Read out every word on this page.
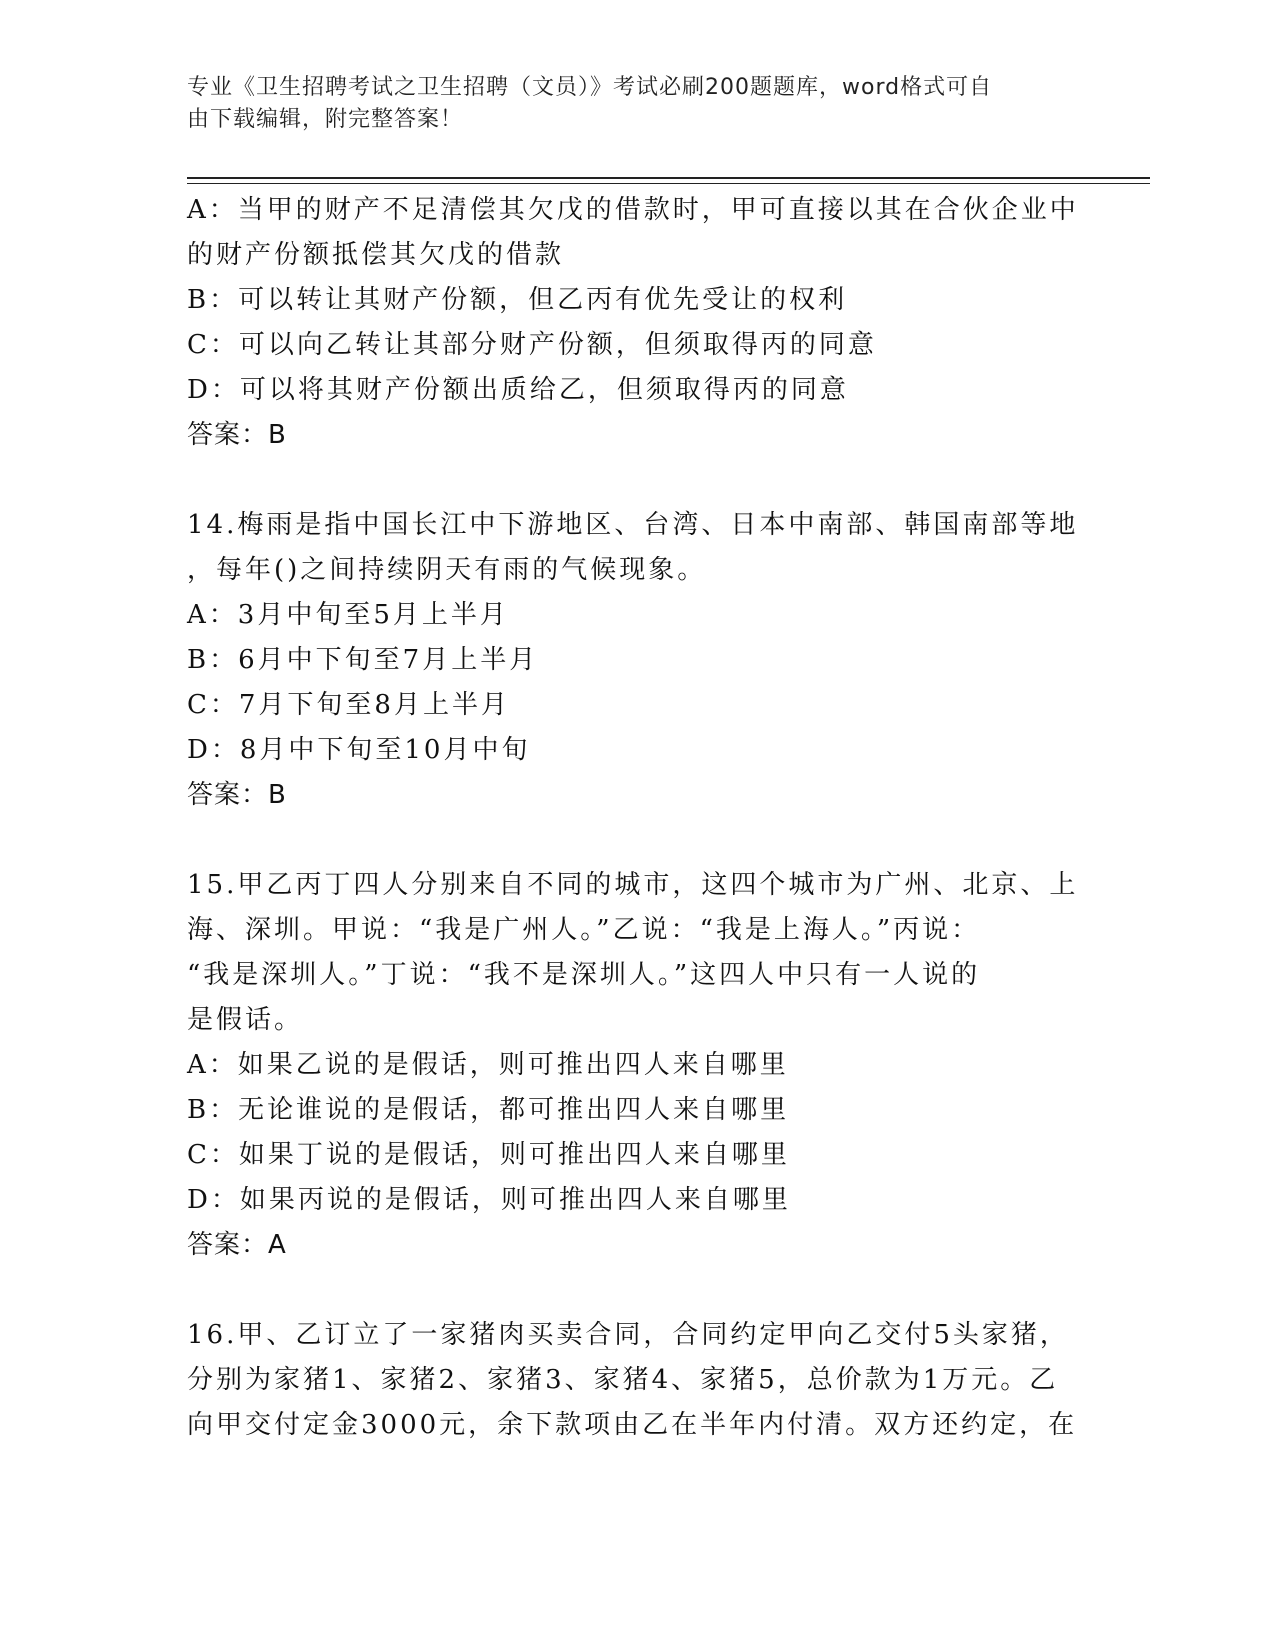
专业《卫生招聘考试之卫生招聘（文员）》考试必刷200题题库，word格式可自
由下载编辑，附完整答案！
A：当甲的财产不足清偿其欠戊的借款时，甲可直接以其在合伙企业中
的财产份额抵偿其欠戊的借款
B：可以转让其财产份额，但乙丙有优先受让的权利
C：可以向乙转让其部分财产份额，但须取得丙的同意
D：可以将其财产份额出质给乙，但须取得丙的同意
答案：B
14.梅雨是指中国长江中下游地区、台湾、日本中南部、韩国南部等地
，每年()之间持续阴天有雨的气候现象。
A：3月中旬至5月上半月
B：6月中下旬至7月上半月
C：7月下旬至8月上半月
D：8月中下旬至10月中旬
答案：B
15.甲乙丙丁四人分别来自不同的城市，这四个城市为广州、北京、上
海、深圳。甲说：“我是广州人。”乙说：“我是上海人。”丙说：
“我是深圳人。”丁说：“我不是深圳人。”这四人中只有一人说的
是假话。
A：如果乙说的是假话，则可推出四人来自哪里
B：无论谁说的是假话，都可推出四人来自哪里
C：如果丁说的是假话，则可推出四人来自哪里
D：如果丙说的是假话，则可推出四人来自哪里
答案：A
16.甲、乙订立了一家猪肉买卖合同，合同约定甲向乙交付5头家猪，
分别为家猪1、家猪2、家猪3、家猪4、家猪5，总价款为1万元。乙
向甲交付定金3000元，余下款项由乙在半年内付清。双方还约定，在
